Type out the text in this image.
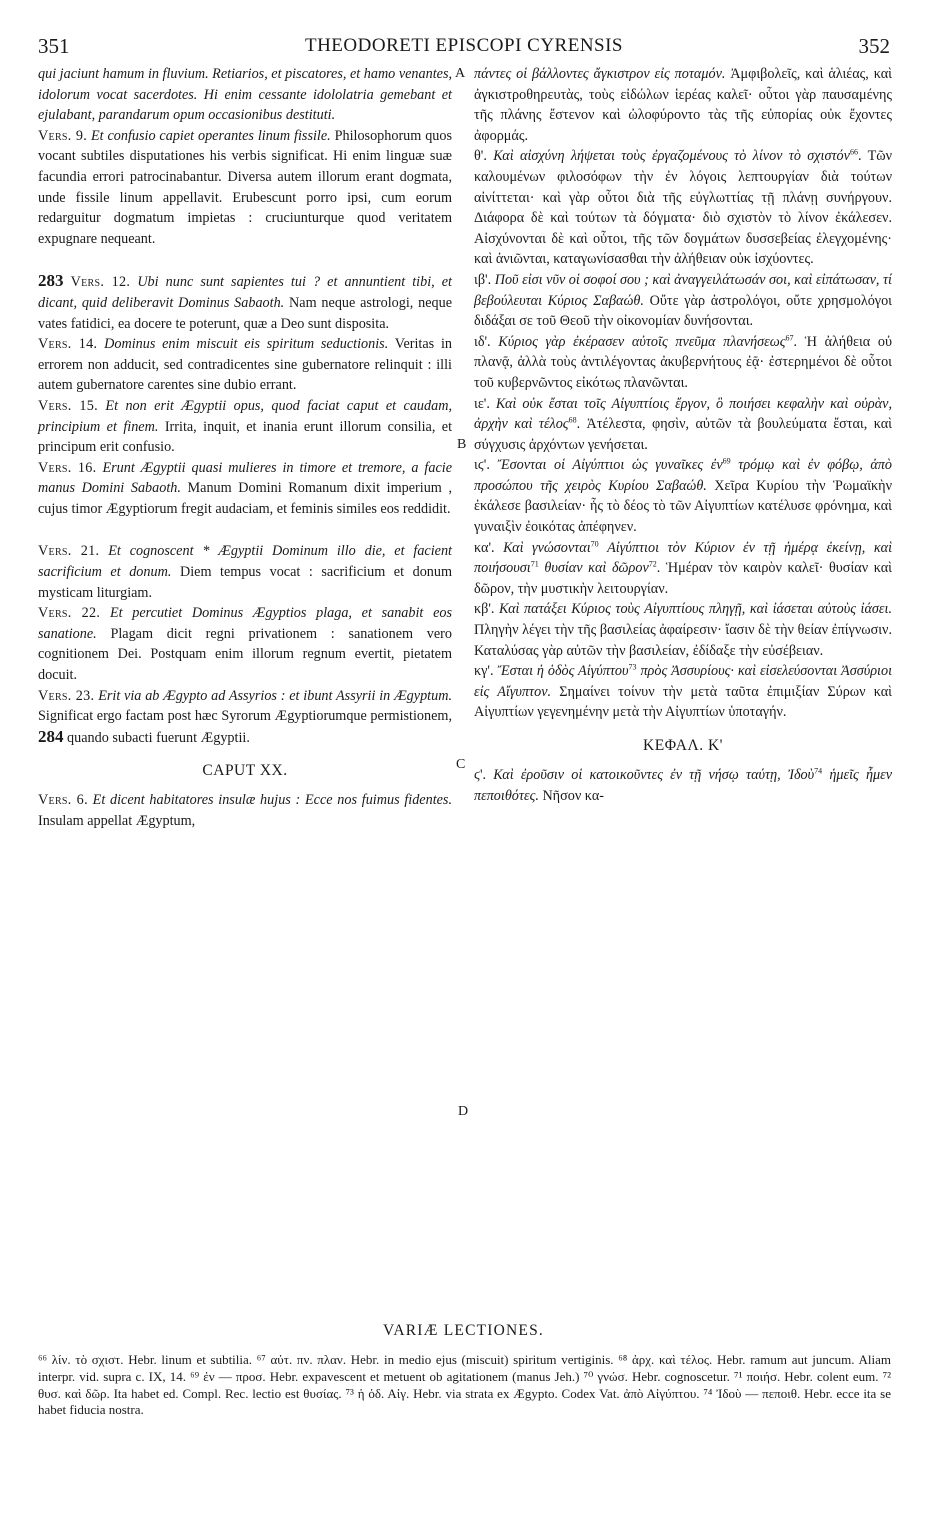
351	THEODORETI EPISCOPI CYRENSIS	352
A
B
C
D

qui jaciunt hamum in fluvium. Retiarios, et piscatores, et hamo venantes, idolorum vocat sacerdotes. Hi enim cessante idololatria gemebant et ejulabant, parandarum opum occasionibus destituti.

Vers. 9. Et confusio capiet operantes linum fissile. Philosophorum quos vocant subtiles disputationes his verbis significat. Hi enim linguæ suæ facundia errori patrocinabantur. Diversa autem illorum erant dogmata, unde fissile linum appellavit. Erubescunt porro ipsi, cum eorum redarguitur dogmatum impietas : cruciunturque quod veritatem expugnare nequeant.

283 Vers. 12. Ubi nunc sunt sapientes tui ? et annuntient tibi, et dicant, quid deliberavit Dominus Sabaoth. Nam neque astrologi, neque vates fatidici, ea docere te poterunt, quæ a Deo sunt disposita.

Vers. 14. Dominus enim miscuit eis spiritum seductionis. Veritas in errorem non adducit, sed contradicentes sine gubernatore relinquit : illi autem gubernatore carentes sine dubio errant.

Vers. 15. Et non erit Ægyptii opus, quod faciat caput et caudam, principium et finem. Irrita, inquit, et inania erunt illorum consilia, et principum erit confusio.

Vers. 16. Erunt Ægyptii quasi mulieres in timore et tremore, a facie manus Domini Sabaoth. Manum Domini Romanum dixit imperium , cujus timor Ægyptiorum fregit audaciam, et feminis similes eos reddidit.

Vers. 21. Et cognoscent * Ægyptii Dominum illo die, et facient sacrificium et donum. Diem tempus vocat : sacrificium et donum mysticam liturgiam.

Vers. 22. Et percutiet Dominus Ægyptios plaga, et sanabit eos sanatione. Plagam dicit regni privationem : sanationem vero cognitionem Dei. Postquam enim illorum regnum evertit, pietatem docuit.

Vers. 23. Erit via ab Ægypto ad Assyrios : et ibunt Assyrii in Ægyptum. Significat ergo factam post hæc Syrorum Ægyptiorumque permistionem, 284 quando subacti fuerunt Ægyptii.

CAPUT XX.

Vers. 6. Et dicent habitatores insulæ hujus : Ecce nos fuimus fidentes. Insulam appellat Ægyptum,

πάντες οἱ βάλλοντες ἄγκιστρον εἰς ποταμόν. Ἀμφιβολεῖς, καὶ ἁλιέας, καὶ ἀγκιστροθηρευτὰς, τοὺς εἰδώλων ἱερέας καλεῖ· οὗτοι γὰρ παυσαμένης τῆς πλάνης ἔστενον καὶ ὠλοφύροντο τὰς τῆς εὐπορίας οὐκ ἔχοντες ἀφορμάς.

θ'. Καὶ αἰσχύνη λήψεται τοὺς ἐργαζομένους τὸ λίνον τὸ σχιστόν$^{66}$. Τῶν καλουμένων φιλοσόφων τὴν ἐν λόγοις λεπτουργίαν διὰ τούτων αἰνίττεται· καὶ γὰρ οὗτοι διὰ τῆς εὐγλωττίας τῇ πλάνῃ συνήργουν. Διάφορα δὲ καὶ τούτων τὰ δόγματα· διὸ σχιστὸν τὸ λίνον ἐκάλεσεν. Αἰσχύνονται δὲ καὶ οὗτοι, τῆς τῶν δογμάτων δυσσεβείας ἐλεγχομένης· καὶ ἀνιῶνται, καταγωνίσασθαι τὴν ἀλήθειαν οὐκ ἰσχύοντες.

ιβ'. Ποῦ εἰσι νῦν οἱ σοφοί σου ; καὶ ἀναγγειλάτωσάν σοι, καὶ εἰπάτωσαν, τί βεβούλευται Κύριος Σαβαώθ. Οὔτε γὰρ ἀστρολόγοι, οὔτε χρησμολόγοι διδάξαι σε τοῦ Θεοῦ τὴν οἰκονομίαν δυνήσονται.

ιδ'. Κύριος γὰρ ἐκέρασεν αὐτοῖς πνεῦμα πλανήσεως$^{67}$. Ἡ ἀλήθεια οὐ πλανᾷ, ἀλλὰ τοὺς ἀντιλέγοντας ἀκυβερνήτους ἐᾷ· ἐστερημένοι δὲ οὗτοι τοῦ κυβερνῶντος εἰκότως πλανῶνται.

ιε'. Καὶ οὐκ ἔσται τοῖς Αἰγυπτίοις ἔργον, ὃ ποιήσει κεφαλὴν καὶ οὐρὰν, ἀρχὴν καὶ τέλος$^{68}$. Ἀτέλεστα, φησὶν, αὐτῶν τὰ βουλεύματα ἔσται, καὶ σύγχυσις ἀρχόντων γενήσεται.

ιϛ'. Ἔσονται οἱ Αἰγύπτιοι ὡς γυναῖκες ἐν$^{69}$ τρόμῳ καὶ ἐν φόβῳ, ἀπὸ προσώπου τῆς χειρὸς Κυρίου Σαβαώθ. Χεῖρα Κυρίου τὴν Ῥωμαϊκὴν ἐκάλεσε βασιλείαν· ἧς τὸ δέος τὸ τῶν Αἰγυπτίων κατέλυσε φρόνημα, καὶ γυναιξὶν ἐοικότας ἀπέφηνεν.

κα'. Καὶ γνώσονται$^{70}$ Αἰγύπτιοι τὸν Κύριον ἐν τῇ ἡμέρᾳ ἐκείνῃ, καὶ ποιήσουσι$^{71}$ θυσίαν καὶ δῶρον$^{72}$. Ἡμέραν τὸν καιρὸν καλεῖ· θυσίαν καὶ δῶρον, τὴν μυστικὴν λειτουργίαν.

κβ'. Καὶ πατάξει Κύριος τοὺς Αἰγυπτίους πληγῇ, καὶ ἰάσεται αὐτοὺς ἰάσει. Πληγὴν λέγει τὴν τῆς βασιλείας ἀφαίρεσιν· ἴασιν δὲ τὴν θείαν ἐπίγνωσιν. Καταλύσας γὰρ αὐτῶν τὴν βασιλείαν, ἐδίδαξε τὴν εὐσέβειαν.

κγ'. Ἔσται ἡ ὁδὸς Αἰγύπτου$^{73}$ πρὸς Ἀσσυρίους· καὶ εἰσελεύσονται Ἀσσύριοι εἰς Αἴγυπτον. Σημαίνει τοίνυν τὴν μετὰ ταῦτα ἐπιμιξίαν Σύρων καὶ Αἰγυπτίων γεγενημένην μετὰ τὴν Αἰγυπτίων ὑποταγήν.

ΚΕΦΑΛ. Κ'

ϛ'. Καὶ ἐροῦσιν οἱ κατοικοῦντες ἐν τῇ νήσῳ ταύτῃ, Ἰδοὺ$^{74}$ ἡμεῖς ἦμεν πεποιθότες. Νῆσον κα-

VARIÆ LECTIONES.
⁶⁶ λίν. τὸ σχιστ. Hebr. linum et subtilia. ⁶⁷ αὐτ. πν. πλαν. Hebr. in medio ejus (miscuit) spiritum vertiginis. ⁶⁸ ἀρχ. καὶ τέλος. Hebr. ramum aut juncum. Aliam interpr. vid. supra c. IX, 14. ⁶⁹ ἐν — προσ. Hebr. expavescent et metuent ob agitationem (manus Jeh.) ⁷⁰ γνώσ. Hebr. cognoscetur. ⁷¹ ποιήσ. Hebr. colent eum. ⁷² θυσ. καὶ δῶρ. Ita habet ed. Compl. Rec. lectio est θυσίας. ⁷³ ἡ ὁδ. Αἰγ. Hebr. via strata ex Ægypto. Codex Vat. ἀπὸ Αἰγύπτου. ⁷⁴ Ἰδοὺ — πεποιθ. Hebr. ecce ita se habet fiducia nostra.
